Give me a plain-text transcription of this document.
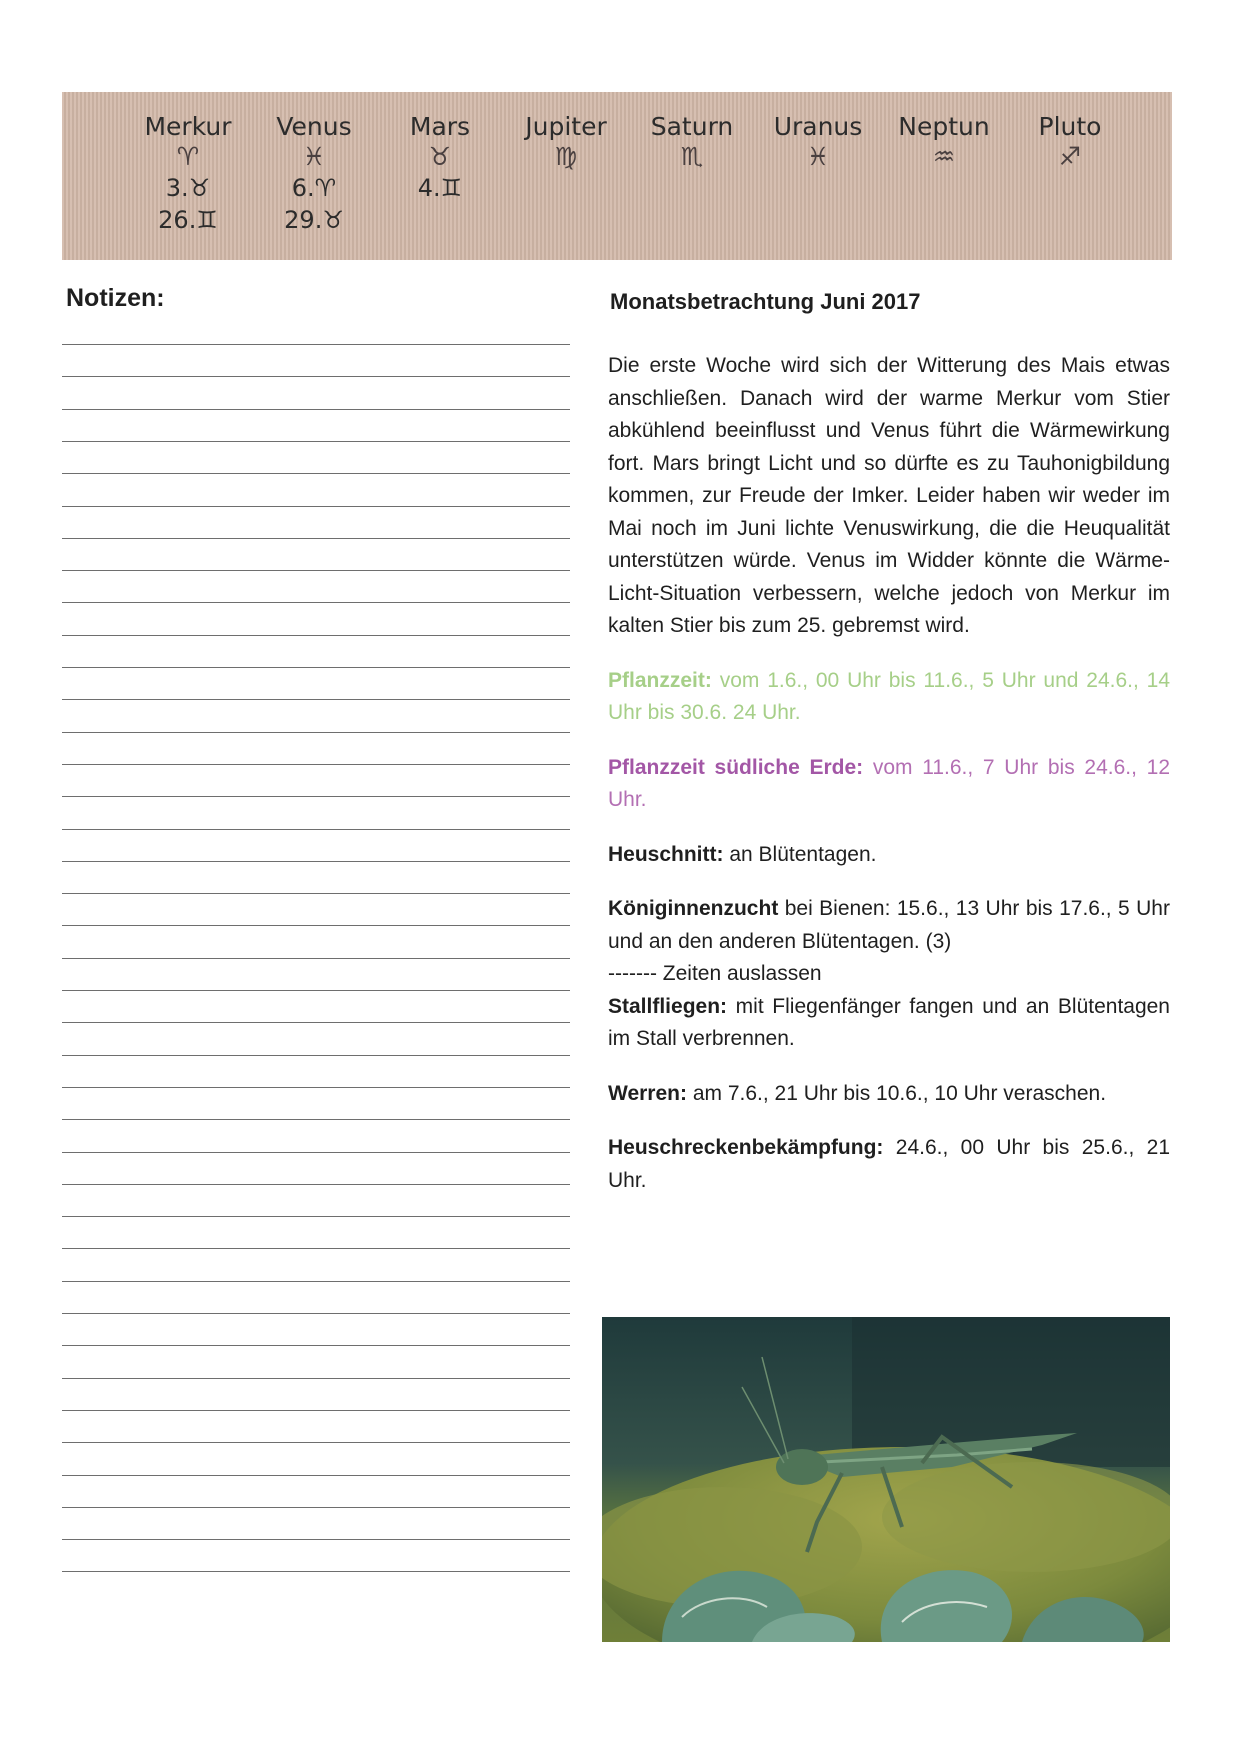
Merkur
♈
3.♉
26.♊
Venus
♓
6.♈
29.♉
Mars
♉
4.♊
Jupiter
♍
Saturn
♏
Uranus
♓
Neptun
♒
Pluto
♐
Notizen:	Monatsbetrachtung Juni 2017

Die erste Woche wird sich der Witterung des Mais etwas anschließen. Danach wird der warme Merkur vom Stier abkühlend beeinflusst und Venus führt die Wärmewirkung fort. Mars bringt Licht und so dürfte es zu Tauhonigbildung kommen, zur Freude der Imker. Leider haben wir weder im Mai noch im Juni lichte Venuswirkung, die die Heuqualität unterstützen würde. Venus im Widder könnte die Wärme-Licht-Situation verbessern, welche jedoch von Merkur im kalten Stier bis zum 25. gebremst wird.

Pflanzzeit: vom 1.6., 00 Uhr bis 11.6., 5 Uhr und 24.6., 14 Uhr bis 30.6. 24 Uhr.

Pflanzzeit südliche Erde: vom 11.6., 7 Uhr bis 24.6., 12 Uhr.

Heuschnitt: an Blütentagen.

Königinnenzucht bei Bienen: 15.6., 13 Uhr bis 17.6., 5 Uhr und an den anderen Blütentagen. (3)

------- Zeiten auslassen

Stallfliegen: mit Fliegenfänger fangen und an Blütentagen im Stall verbrennen.

Werren: am 7.6., 21 Uhr bis 10.6., 10 Uhr veraschen.

Heuschreckenbekämpfung: 24.6., 00 Uhr bis 25.6., 21 Uhr.
